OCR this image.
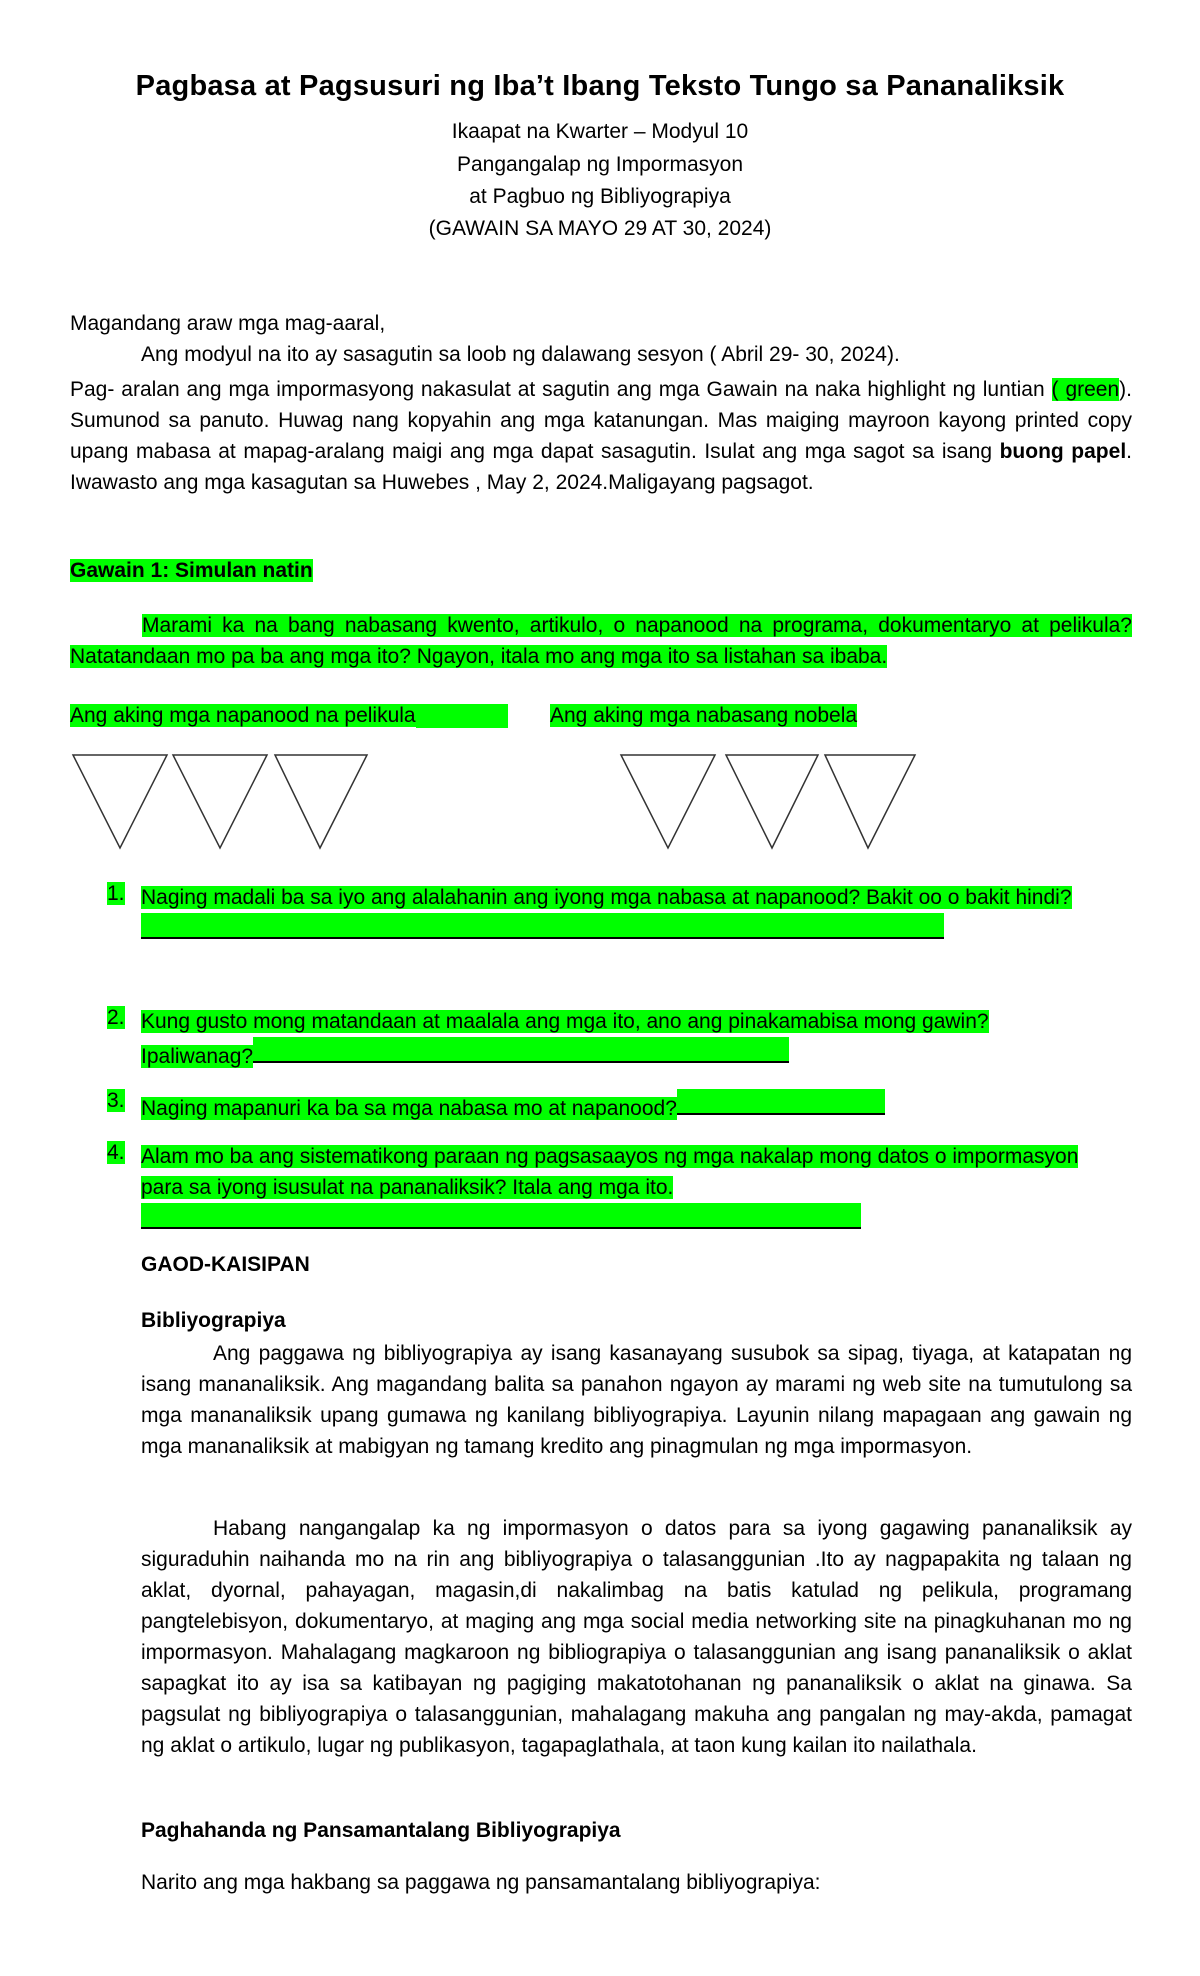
Pagbasa at Pagsusuri ng Iba’t Ibang Teksto Tungo sa Pananaliksik
Ikaapat na Kwarter – Modyul 10
Pangangalap ng Impormasyon
at Pagbuo ng Bibliyograpiya
(GAWAIN SA MAYO 29 AT 30, 2024)
Magandang araw mga mag-aaral,
Ang modyul na ito ay sasagutin sa loob ng dalawang sesyon ( Abril 29- 30, 2024).
Pag- aralan ang mga impormasyong nakasulat at sagutin ang mga Gawain na naka highlight ng luntian ( green). Sumunod sa panuto. Huwag nang kopyahin ang mga katanungan. Mas maiging mayroon kayong printed copy upang mabasa at mapag-aralang maigi ang mga dapat sasagutin. Isulat ang mga sagot sa isang buong papel. Iwawasto ang mga kasagutan sa Huwebes , May 2, 2024.Maligayang pagsagot.
Gawain 1: Simulan natin
Marami ka na bang nabasang kwento, artikulo, o napanood na programa, dokumentaryo at pelikula? Natatandaan mo pa ba ang mga ito? Ngayon, itala mo ang mga ito sa listahan sa ibaba.
Ang aking mga napanood na pelikula	Ang aking mga nabasang nobela
1. Naging madali ba sa iyo ang alalahanin ang iyong mga nabasa at napanood? Bakit oo o bakit hindi?

2. Kung gusto mong matandaan at maalala ang mga ito, ano ang pinakamabisa mong gawin? Ipaliwanag?
3. Naging mapanuri ka ba sa mga nabasa mo at napanood?
4. Alam mo ba ang sistematikong paraan ng pagsasaayos ng mga nakalap mong datos o impormasyon para sa iyong isusulat na pananaliksik? Itala ang mga ito.
GAOD-KAISIPAN
Bibliyograpiya
Ang paggawa ng bibliyograpiya ay isang kasanayang susubok sa sipag, tiyaga, at katapatan ng isang mananaliksik. Ang magandang balita sa panahon ngayon ay marami ng web site na tumutulong sa mga mananaliksik upang gumawa ng kanilang bibliyograpiya. Layunin nilang mapagaan ang gawain ng mga mananaliksik at mabigyan ng tamang kredito ang pinagmulan ng mga impormasyon.
Habang nangangalap ka ng impormasyon o datos para sa iyong gagawing pananaliksik ay siguraduhin naihanda mo na rin ang bibliyograpiya o talasanggunian .Ito ay nagpapakita ng talaan ng aklat, dyornal, pahayagan, magasin,di nakalimbag na batis katulad ng pelikula, programang pangtelebisyon, dokumentaryo, at maging ang mga social media networking site na pinagkuhanan mo ng impormasyon. Mahalagang magkaroon ng bibliograpiya o talasanggunian ang isang pananaliksik o aklat sapagkat ito ay isa sa katibayan ng pagiging makatotohanan ng pananaliksik o aklat na ginawa. Sa pagsulat ng bibliyograpiya o talasanggunian, mahalagang makuha ang pangalan ng may-akda, pamagat ng aklat o artikulo, lugar ng publikasyon, tagapaglathala, at taon kung kailan ito nailathala.
Paghahanda ng Pansamantalang Bibliyograpiya
Narito ang mga hakbang sa paggawa ng pansamantalang bibliyograpiya:
